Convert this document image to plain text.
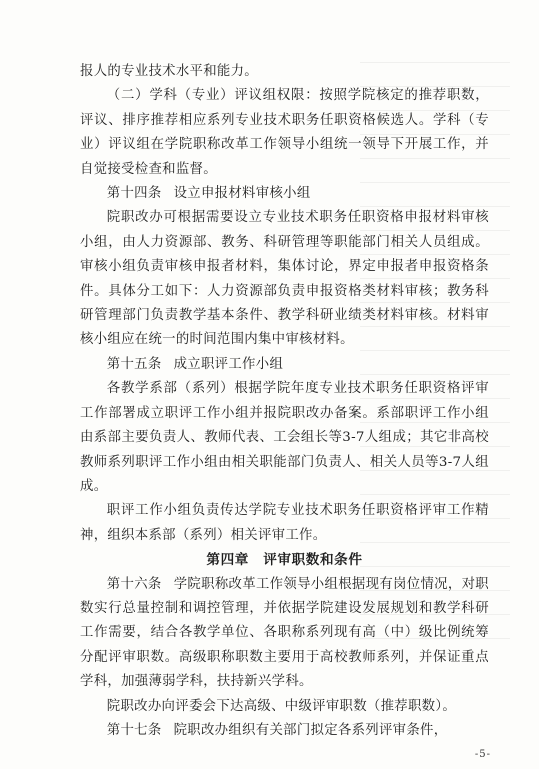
报人的专业技术水平和能力。

（二）学科（专业）评议组权限：按照学院核定的推荐职数，评议、排序推荐相应系列专业技术职务任职资格候选人。学科（专业）评议组在学院职称改革工作领导小组统一领导下开展工作，并自觉接受检查和监督。

第十四条 设立申报材料审核小组

院职改办可根据需要设立专业技术职务任职资格申报材料审核小组，由人力资源部、教务、科研管理等职能部门相关人员组成。审核小组负责审核申报者材料，集体讨论，界定申报者申报资格条件。具体分工如下：人力资源部负责申报资格类材料审核；教务科研管理部门负责教学基本条件、教学科研业绩类材料审核。材料审核小组应在统一的时间范围内集中审核材料。

第十五条 成立职评工作小组

各教学系部（系列）根据学院年度专业技术职务任职资格评审工作部署成立职评工作小组并报院职改办备案。系部职评工作小组由系部主要负责人、教师代表、工会组长等3-7人组成；其它非高校教师系列职评工作小组由相关职能部门负责人、相关人员等3-7人组成。

职评工作小组负责传达学院专业技术职务任职资格评审工作精神，组织本系部（系列）相关评审工作。

第四章　评审职数和条件

第十六条 学院职称改革工作领导小组根据现有岗位情况，对职数实行总量控制和调控管理，并依据学院建设发展规划和教学科研工作需要，结合各教学单位、各职称系列现有高（中）级比例统筹分配评审职数。高级职称职数主要用于高校教师系列，并保证重点学科，加强薄弱学科，扶持新兴学科。

院职改办向评委会下达高级、中级评审职数（推荐职数）。

第十七条 院职改办组织有关部门拟定各系列评审条件，

-5-
